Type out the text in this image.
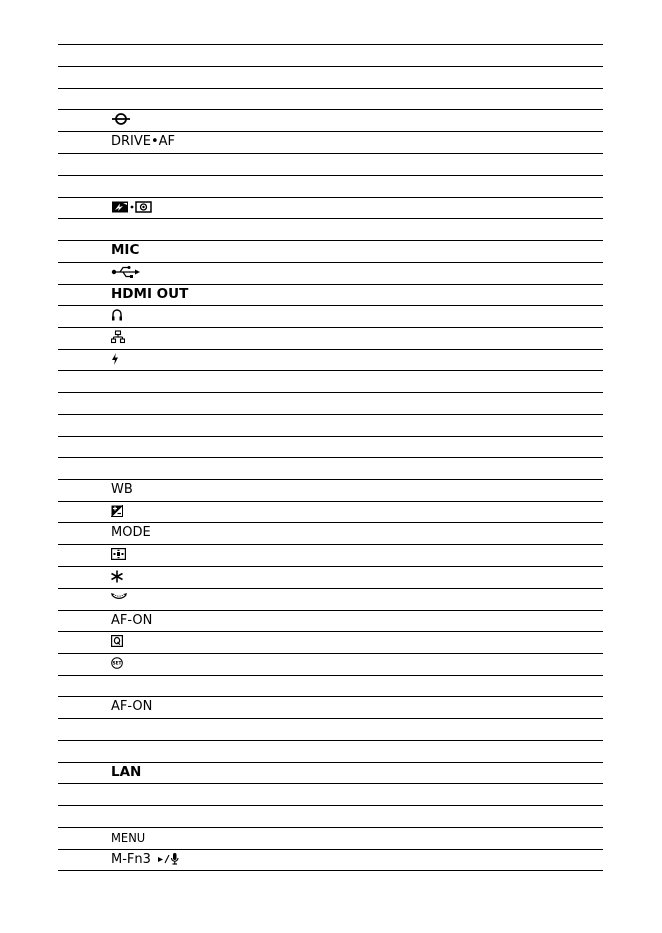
DRIVE•AF
MIC
HDMI OUT
WB
MODE
AF-ON
SET
AF-ON
LAN
MENU
M-Fn3
